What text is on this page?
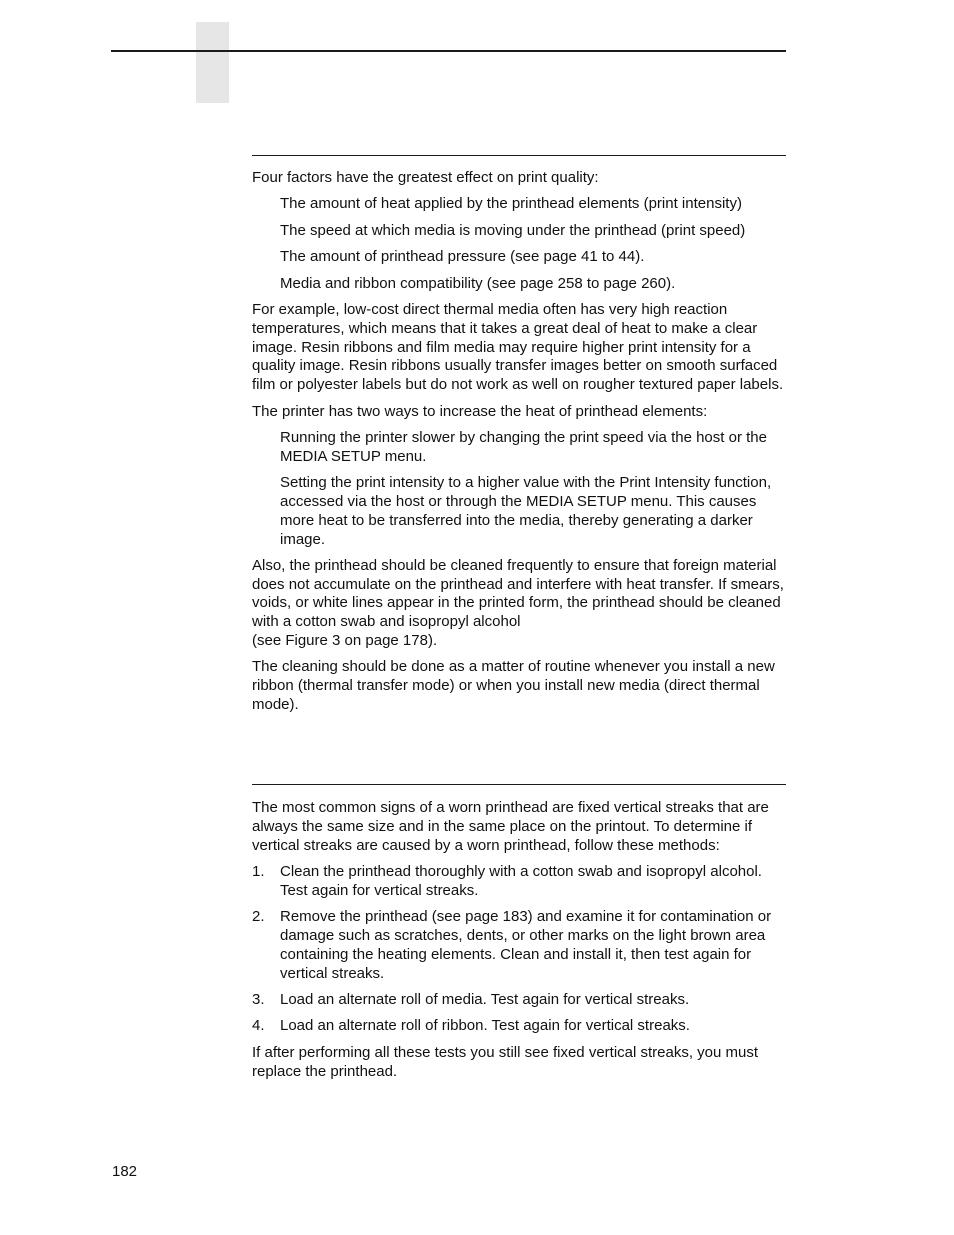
Four factors have the greatest effect on print quality:

The amount of heat applied by the printhead elements (print intensity)

The speed at which media is moving under the printhead (print speed)

The amount of printhead pressure (see page 41 to 44).

Media and ribbon compatibility (see page 258 to page 260).

For example, low-cost direct thermal media often has very high reaction temperatures, which means that it takes a great deal of heat to make a clear image. Resin ribbons and film media may require higher print intensity for a quality image. Resin ribbons usually transfer images better on smooth surfaced film or polyester labels but do not work as well on rougher textured paper labels.

The printer has two ways to increase the heat of printhead elements:

Running the printer slower by changing the print speed via the host or the MEDIA SETUP menu.

Setting the print intensity to a higher value with the Print Intensity function, accessed via the host or through the MEDIA SETUP menu. This causes more heat to be transferred into the media, thereby generating a darker image.

Also, the printhead should be cleaned frequently to ensure that foreign material does not accumulate on the printhead and interfere with heat transfer. If smears, voids, or white lines appear in the printed form, the printhead should be cleaned with a cotton swab and isopropyl alcohol
(see Figure 3 on page 178).

The cleaning should be done as a matter of routine whenever you install a new ribbon (thermal transfer mode) or when you install new media (direct thermal mode).

The most common signs of a worn printhead are fixed vertical streaks that are always the same size and in the same place on the printout. To determine if vertical streaks are caused by a worn printhead, follow these methods:

1. Clean the printhead thoroughly with a cotton swab and isopropyl alcohol. Test again for vertical streaks.

2. Remove the printhead (see page 183) and examine it for contamination or damage such as scratches, dents, or other marks on the light brown area containing the heating elements. Clean and install it, then test again for vertical streaks.

3. Load an alternate roll of media. Test again for vertical streaks.

4. Load an alternate roll of ribbon. Test again for vertical streaks.

If after performing all these tests you still see fixed vertical streaks, you must replace the printhead.

182
